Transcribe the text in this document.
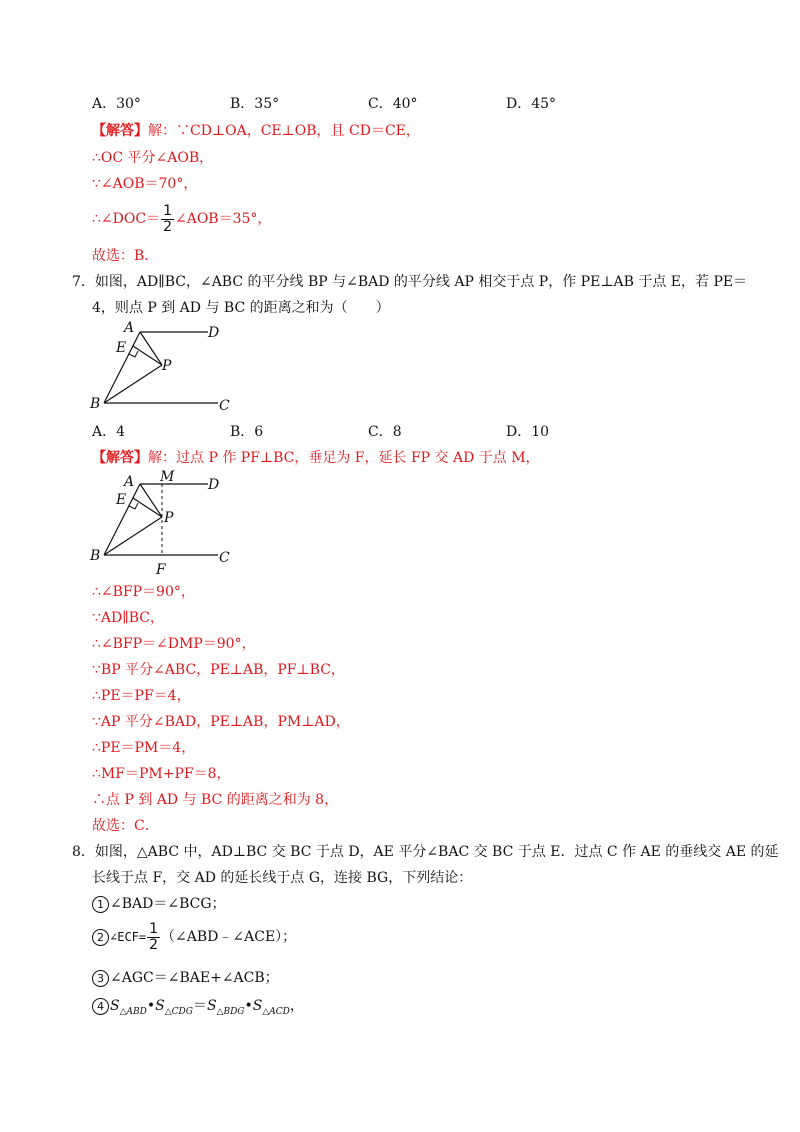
A．30°	B．35°	C．40°	D．45°
【解答】解：∵CD⊥OA，CE⊥OB，且 CD＝CE，
∴OC 平分∠AOB，
∵∠AOB＝70°，
∴∠DOC＝ $\frac{1}{2}$ ∠AOB＝35°，
故选：B．
7．如图，AD∥BC，∠ABC 的平分线 BP 与∠BAD 的平分线 AP 相交于点 P，作 PE⊥AB 于点 E，若 PE＝
4，则点 P 到 AD 与 BC 的距离之和为（　　）
A	D
E
P
B	C
A．4	B．6	C．8	D．10
【解答】解：过点 P 作 PF⊥BC，垂足为 F，延长 FP 交 AD 于点 M，
A M D
E
P
B
F
C
∴∠BFP＝90°，
∵AD∥BC，
∴∠BFP＝∠DMP＝90°，
∵BP 平分∠ABC，PE⊥AB，PF⊥BC，
∴PE＝PF＝4，
∵AP 平分∠BAD，PE⊥AB，PM⊥AD，
∴PE＝PM＝4，
∴MF＝PM+PF＝8，
∴点 P 到 AD 与 BC 的距离之和为 8，
故选：C．
8．如图，△ABC 中，AD⊥BC 交 BC 于点 D，AE 平分∠BAC 交 BC 于点 E．过点 C 作 AE 的垂线交 AE 的延
长线于点 F，交 AD 的延长线于点 G，连接 BG，下列结论：
1 ∠BAD＝∠BCG；
2 ∠ECF= $\frac{1}{2}$ （∠ABD﹣∠ACE）；
3 ∠AGC＝∠BAE+∠ACB；
4 $S_{\triangle ABD}•S_{\triangle CDG}=S_{\triangle BDG}•S_{\triangle ACD}$，
